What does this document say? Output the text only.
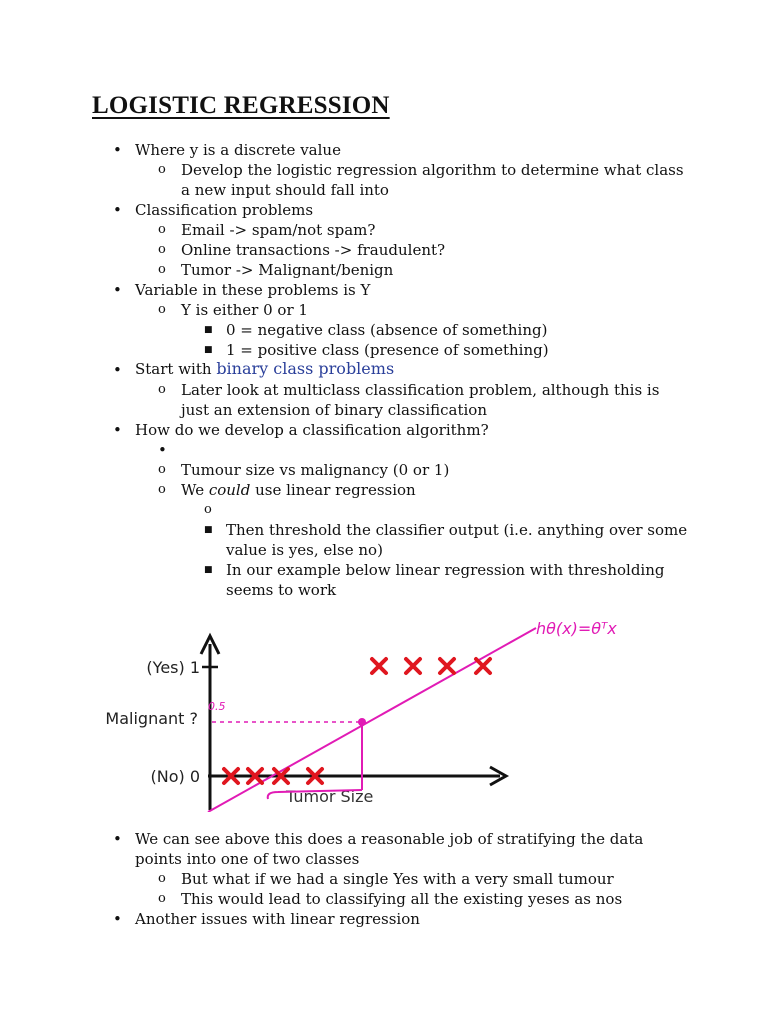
LOGISTIC REGRESSION
• Where y is a discrete value
o Develop the logistic regression algorithm to determine what class
a new input should fall into
• Classification problems
o Email -> spam/not spam?
o Online transactions -> fraudulent?
o Tumor -> Malignant/benign
• Variable in these problems is Y
o Y is either 0 or 1
■ 0 = negative class (absence of something)
■ 1 = positive class (presence of something)
• Start with binary class problems
o Later look at multiclass classification problem, although this is
just an extension of binary classification
• How do we develop a classification algorithm?
•
o Tumour size vs malignancy (0 or 1)
o We could use linear regression
o
■ Then threshold the classifier output (i.e. anything over some
value is yes, else no)
■ In our example below linear regression with thresholding
seems to work
(Yes) 1
Malignant ?
(No) 0
Tumor Size
0.5
hθ(x)=θᵀx
• We can see above this does a reasonable job of stratifying the data
points into one of two classes
o But what if we had a single Yes with a very small tumour
o This would lead to classifying all the existing yeses as nos
• Another issues with linear regression
